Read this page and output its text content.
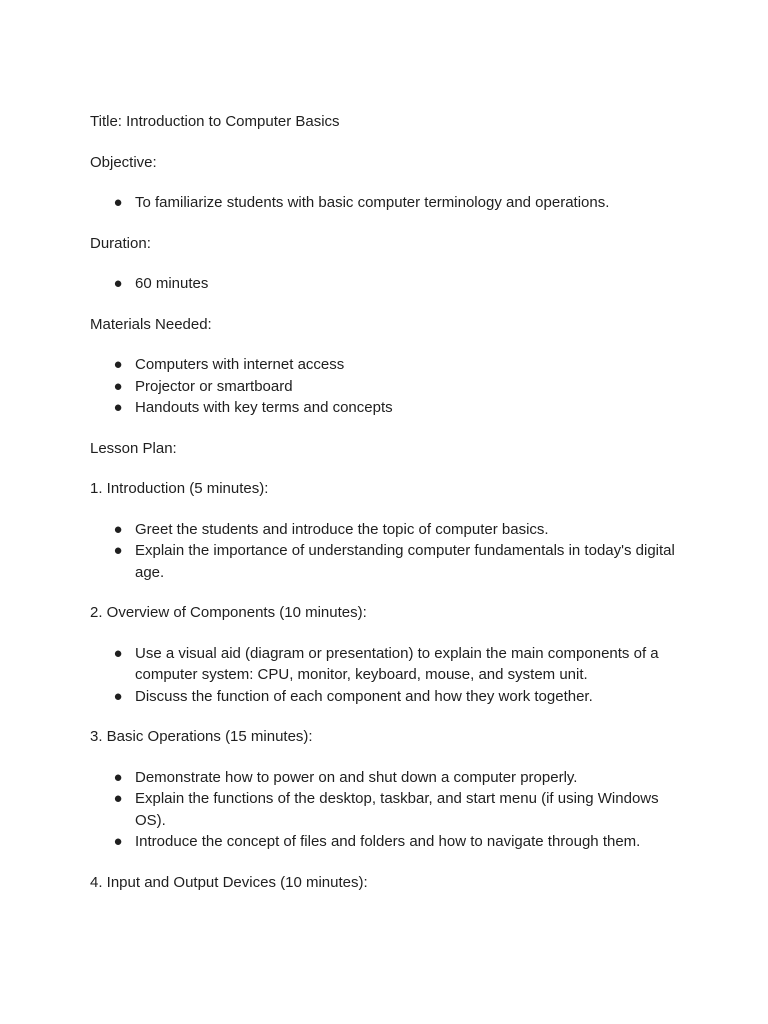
Title: Introduction to Computer Basics

Objective:

● To familiarize students with basic computer terminology and operations.

Duration:

● 60 minutes

Materials Needed:

● Computers with internet access
● Projector or smartboard
● Handouts with key terms and concepts

Lesson Plan:

1. Introduction (5 minutes):

● Greet the students and introduce the topic of computer basics.
● Explain the importance of understanding computer fundamentals in today's digital age.

2. Overview of Components (10 minutes):

● Use a visual aid (diagram or presentation) to explain the main components of a computer system: CPU, monitor, keyboard, mouse, and system unit.
● Discuss the function of each component and how they work together.

3. Basic Operations (15 minutes):

● Demonstrate how to power on and shut down a computer properly.
● Explain the functions of the desktop, taskbar, and start menu (if using Windows OS).
● Introduce the concept of files and folders and how to navigate through them.

4. Input and Output Devices (10 minutes):
